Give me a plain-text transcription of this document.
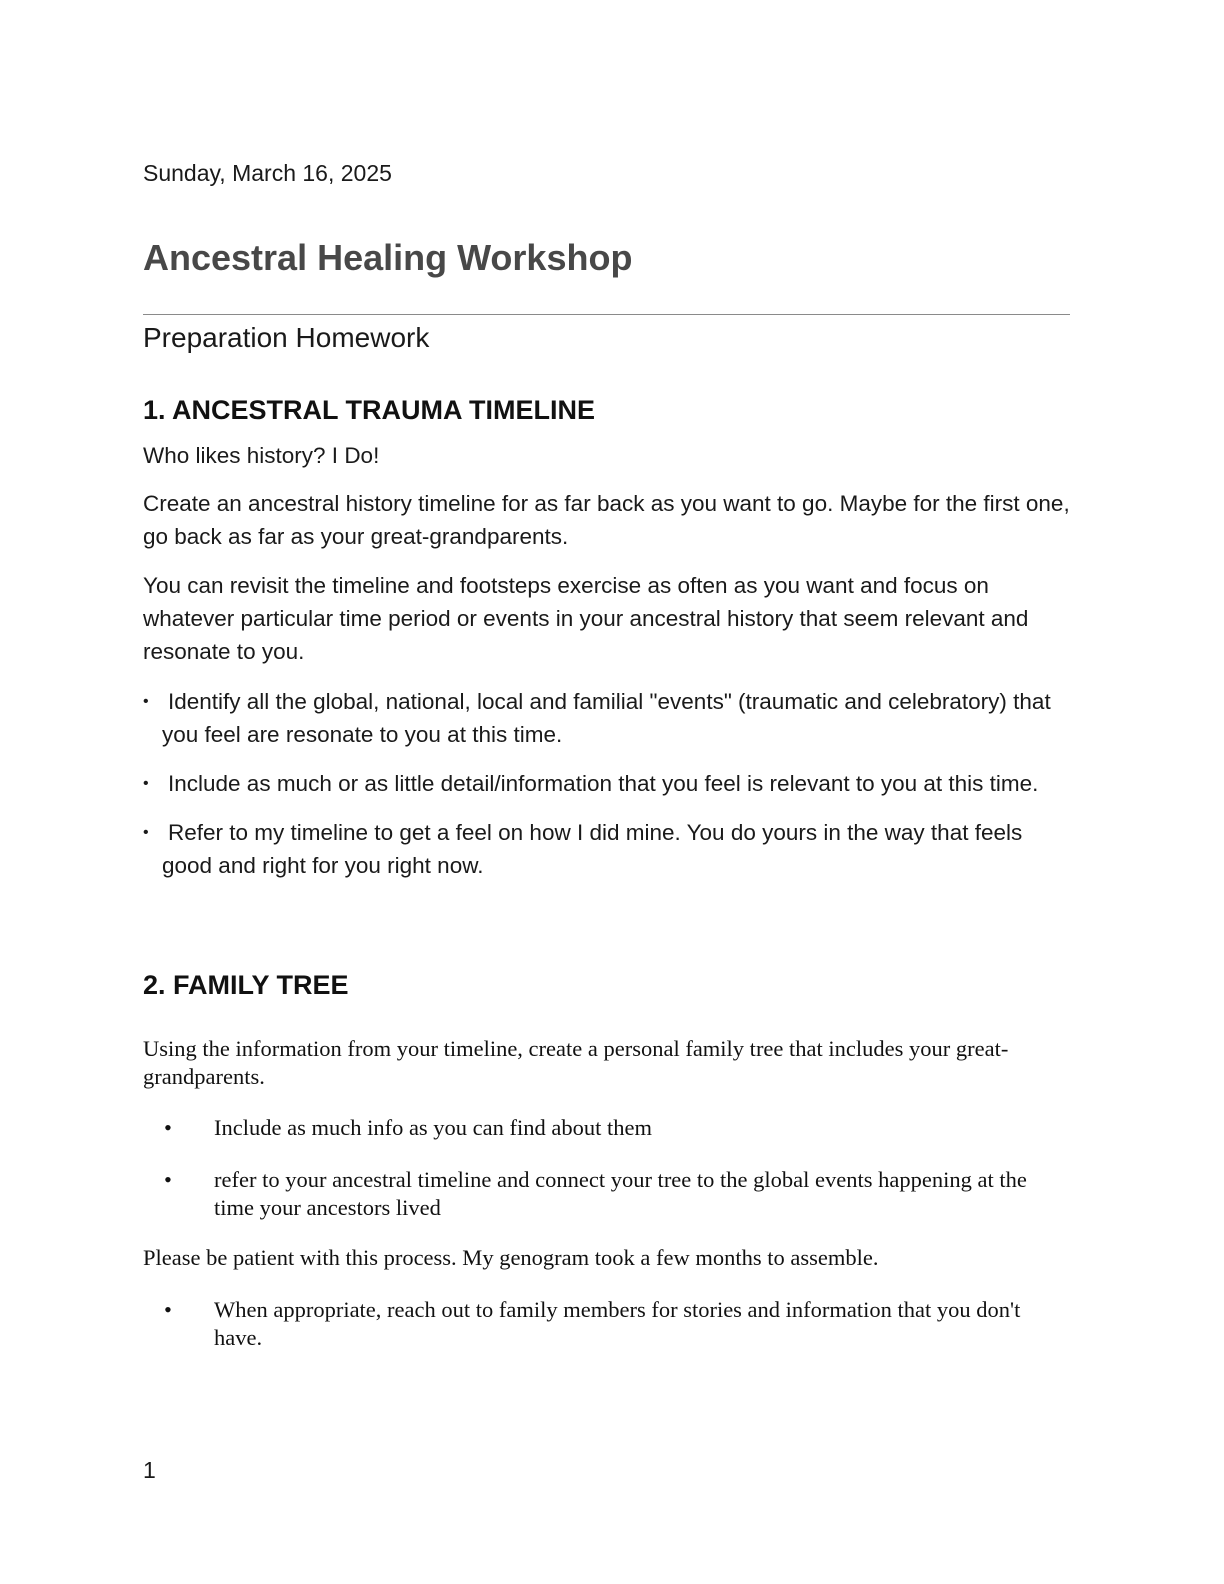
Sunday, March 16, 2025
Ancestral Healing Workshop
Preparation Homework
1. ANCESTRAL TRAUMA TIMELINE

Who likes history? I Do!

Create an ancestral history timeline for as far back as you want to go. Maybe for the first one, go back as far as your great-grandparents.

You can revisit the timeline and footsteps exercise as often as you want and focus on whatever particular time period or events in your ancestral history that seem relevant and resonate to you.

• Identify all the global, national, local and familial "events" (traumatic and celebratory) that you feel are resonate to you at this time.
• Include as much or as little detail/information that you feel is relevant to you at this time.
• Refer to my timeline to get a feel on how I did mine. You do yours in the way that feels good and right for you right now.
2. FAMILY TREE

Using the information from your timeline, create a personal family tree that includes your great-grandparents.

• Include as much info as you can find about them
• refer to your ancestral timeline and connect your tree to the global events happening at the time your ancestors lived

Please be patient with this process. My genogram took a few months to assemble.

• When appropriate, reach out to family members for stories and information that you don't have.
1
